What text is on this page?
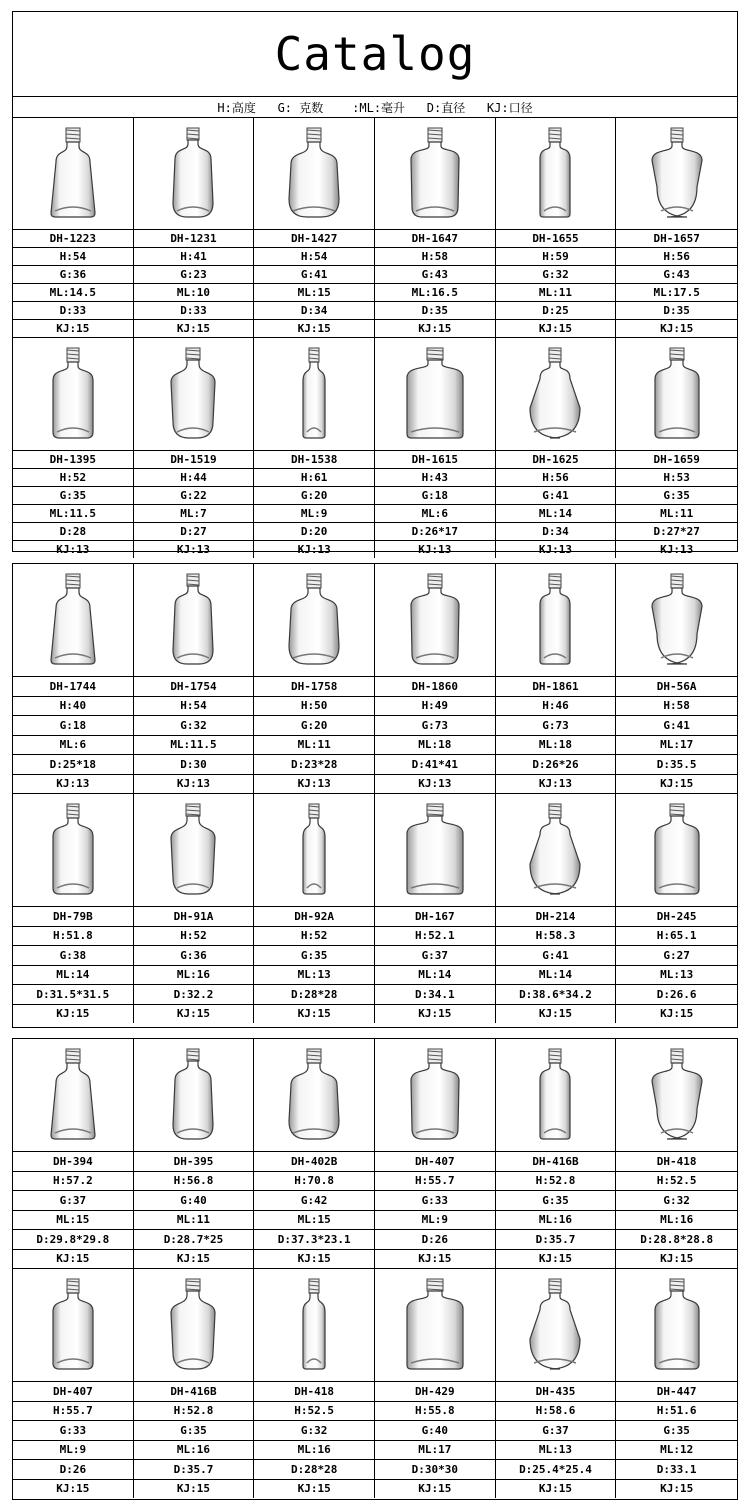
Catalog
H:高度
G: 克数
:ML:毫升
D:直径
KJ:口径
DH-1223
H:54
G:36
ML:14.5
D:33
KJ:15
DH-1231
H:41
G:23
ML:10
D:33
KJ:15
DH-1427
H:54
G:41
ML:15
D:34
KJ:15
DH-1647
H:58
G:43
ML:16.5
D:35
KJ:15
DH-1655
H:59
G:32
ML:11
D:25
KJ:15
DH-1657
H:56
G:43
ML:17.5
D:35
KJ:15
DH-1395
H:52
G:35
ML:11.5
D:28
KJ:13
DH-1519
H:44
G:22
ML:7
D:27
KJ:13
DH-1538
H:61
G:20
ML:9
D:20
KJ:13
DH-1615
H:43
G:18
ML:6
D:26*17
KJ:13
DH-1625
H:56
G:41
ML:14
D:34
KJ:13
DH-1659
H:53
G:35
ML:11
D:27*27
KJ:13
DH-1744
H:40
G:18
ML:6
D:25*18
KJ:13
DH-1754
H:54
G:32
ML:11.5
D:30
KJ:13
DH-1758
H:50
G:20
ML:11
D:23*28
KJ:13
DH-1860
H:49
G:73
ML:18
D:41*41
KJ:13
DH-1861
H:46
G:73
ML:18
D:26*26
KJ:13
DH-56A
H:58
G:41
ML:17
D:35.5
KJ:15
DH-79B
H:51.8
G:38
ML:14
D:31.5*31.5
KJ:15
DH-91A
H:52
G:36
ML:16
D:32.2
KJ:15
DH-92A
H:52
G:35
ML:13
D:28*28
KJ:15
DH-167
H:52.1
G:37
ML:14
D:34.1
KJ:15
DH-214
H:58.3
G:41
ML:14
D:38.6*34.2
KJ:15
DH-245
H:65.1
G:27
ML:13
D:26.6
KJ:15
DH-394
H:57.2
G:37
ML:15
D:29.8*29.8
KJ:15
DH-395
H:56.8
G:40
ML:11
D:28.7*25
KJ:15
DH-402B
H:70.8
G:42
ML:15
D:37.3*23.1
KJ:15
DH-407
H:55.7
G:33
ML:9
D:26
KJ:15
DH-416B
H:52.8
G:35
ML:16
D:35.7
KJ:15
DH-418
H:52.5
G:32
ML:16
D:28.8*28.8
KJ:15
DH-407
H:55.7
G:33
ML:9
D:26
KJ:15
DH-416B
H:52.8
G:35
ML:16
D:35.7
KJ:15
DH-418
H:52.5
G:32
ML:16
D:28*28
KJ:15
DH-429
H:55.8
G:40
ML:17
D:30*30
KJ:15
DH-435
H:58.6
G:37
ML:13
D:25.4*25.4
KJ:15
DH-447
H:51.6
G:35
ML:12
D:33.1
KJ:15
